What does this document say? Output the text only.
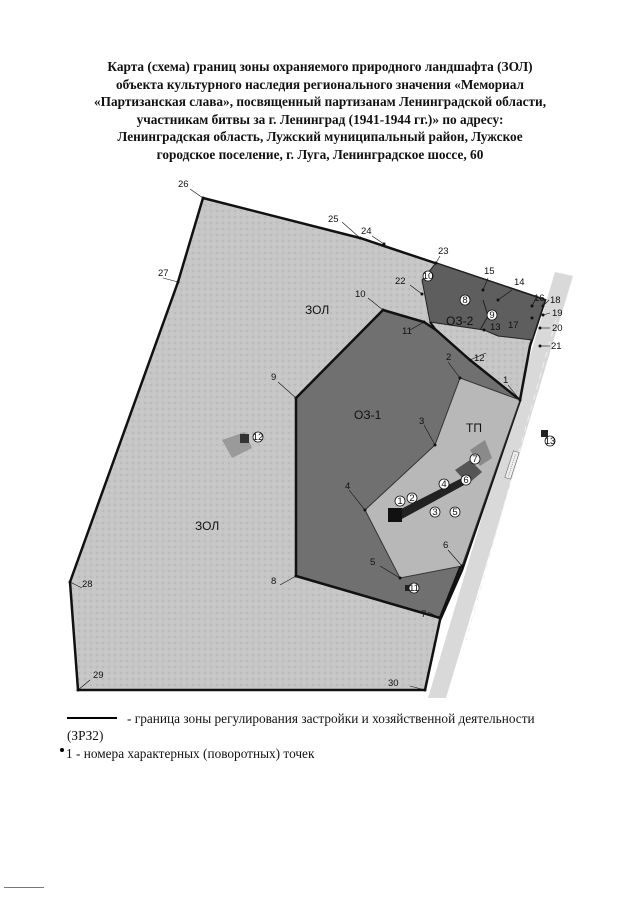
Карта (схема) границ зоны охраняемого природного ландшафта (ЗОЛ)
объекта культурного наследия регионального значения «Мемориал
«Партизанская слава», посвященный партизанам Ленинградской области,
участникам битвы за г. Ленинград (1941-1944 гг.)» по адресу:
Ленинградская область, Лужский муниципальный район, Лужское
городское поселение, г. Луга, Ленинградское шоссе, 60
1 2
3
4
5
6
7
8
9
10
11
12	13
ЗОЛ
ЗОЛ
ОЗ-1
ОЗ-2
ТП
1
2
3
4
5
6
7
8
9
10
11
12
13
14
15
16
17
18
19
20
21
22
23
24
25
26
27
28
29
30
- граница зоны регулирования застройки и хозяйственной деятельности (ЗРЗ2)
1 - номера характерных (поворотных) точек
